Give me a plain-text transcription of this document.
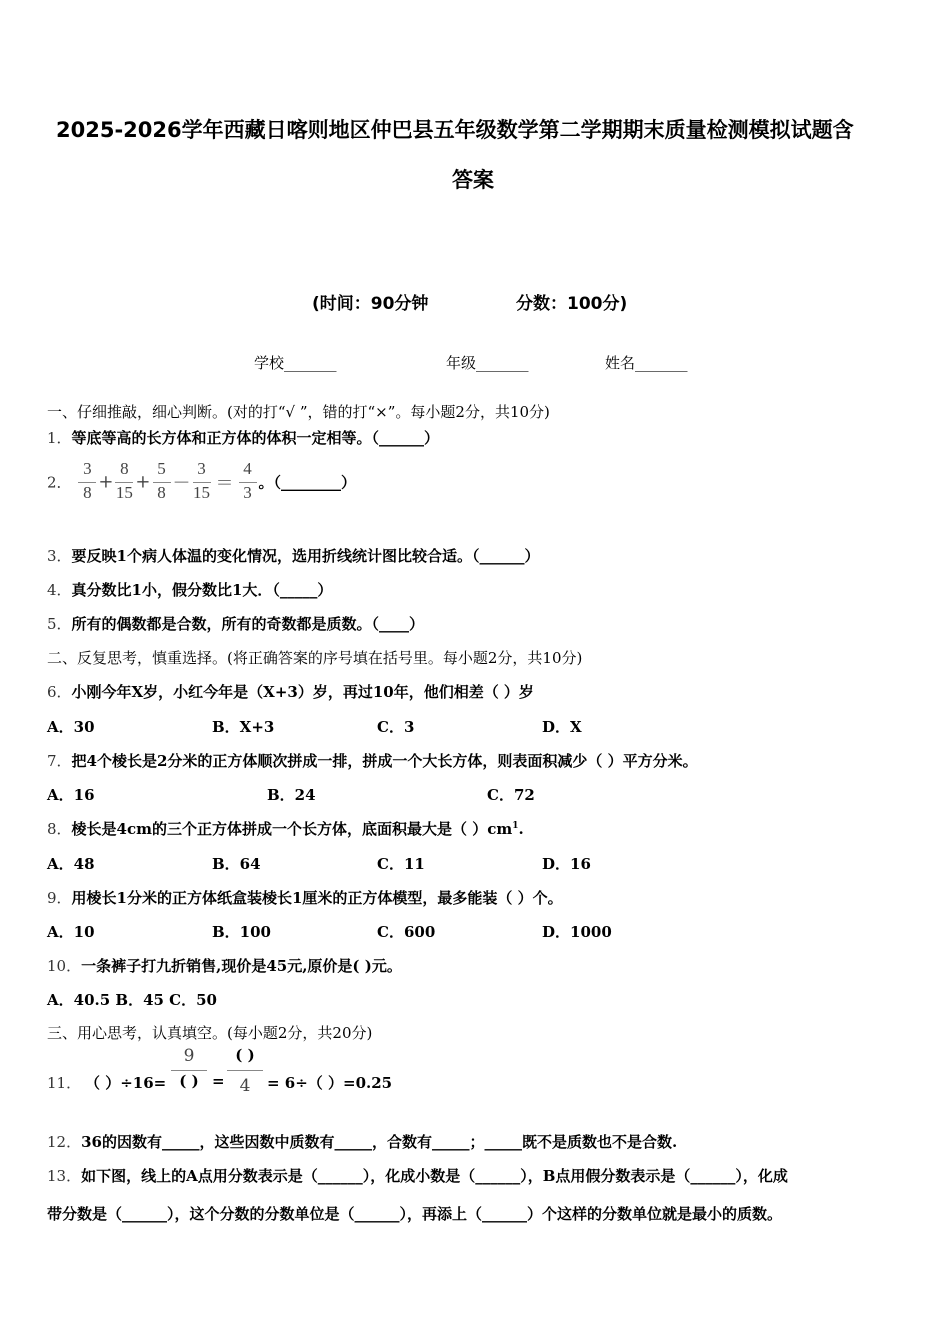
2025-2026学年西藏日喀则地区仲巴县五年级数学第二学期期末质量检测模拟试题含
答案
(时间：90分钟	分数：100分)
学校_______	年级_______	姓名_______
一、仔细推敲，细心判断。(对的打“√ ”，错的打“×”。每小题2分，共10分)
1．等底等高的长方体和正方体的体积一定相等。（______）
2． $\frac{3}{8} + \frac{8}{15} + \frac{5}{8} - \frac{3}{15} = \frac{4}{3}$ 。（________）
3．要反映1个病人体温的变化情况，选用折线统计图比较合适。（______）
4．真分数比1小，假分数比1大．（_____）
5．所有的偶数都是合数，所有的奇数都是质数。（____）
二、反复思考，慎重选择。(将正确答案的序号填在括号里。每小题2分，共10分)
6．小刚今年X岁，小红今年是（X+3）岁，再过10年，他们相差（ ）岁
A．30	B．X+3	C．3	D．X
7．把4个棱长是2分米的正方体顺次拼成一排，拼成一个大长方体，则表面积减少（ ）平方分米。
A．16	B．24	C．72
8．棱长是4cm的三个正方体拼成一个长方体，底面积最大是（ ）$cm^1$.
A．48	B．64	C．11	D．16
9．用棱长1分米的正方体纸盒装棱长1厘米的正方体模型，最多能装（ ）个。
A．10	B．100	C．600	D．1000
10．一条裤子打九折销售,现价是45元,原价是( )元。
A．40.5 B．45 C．50
三、用心思考，认真填空。(每小题2分，共20分)
11． （ ）÷16=
9
( ) =
( )
4	= 6÷（ ）=0.25
12．36的因数有_____，这些因数中质数有_____，合数有_____；_____既不是质数也不是合数.
13．如下图，线上的A点用分数表示是（______），化成小数是（______），B点用假分数表示是（______），化成
带分数是（______），这个分数的分数单位是（______），再添上（______）个这样的分数单位就是最小的质数。
